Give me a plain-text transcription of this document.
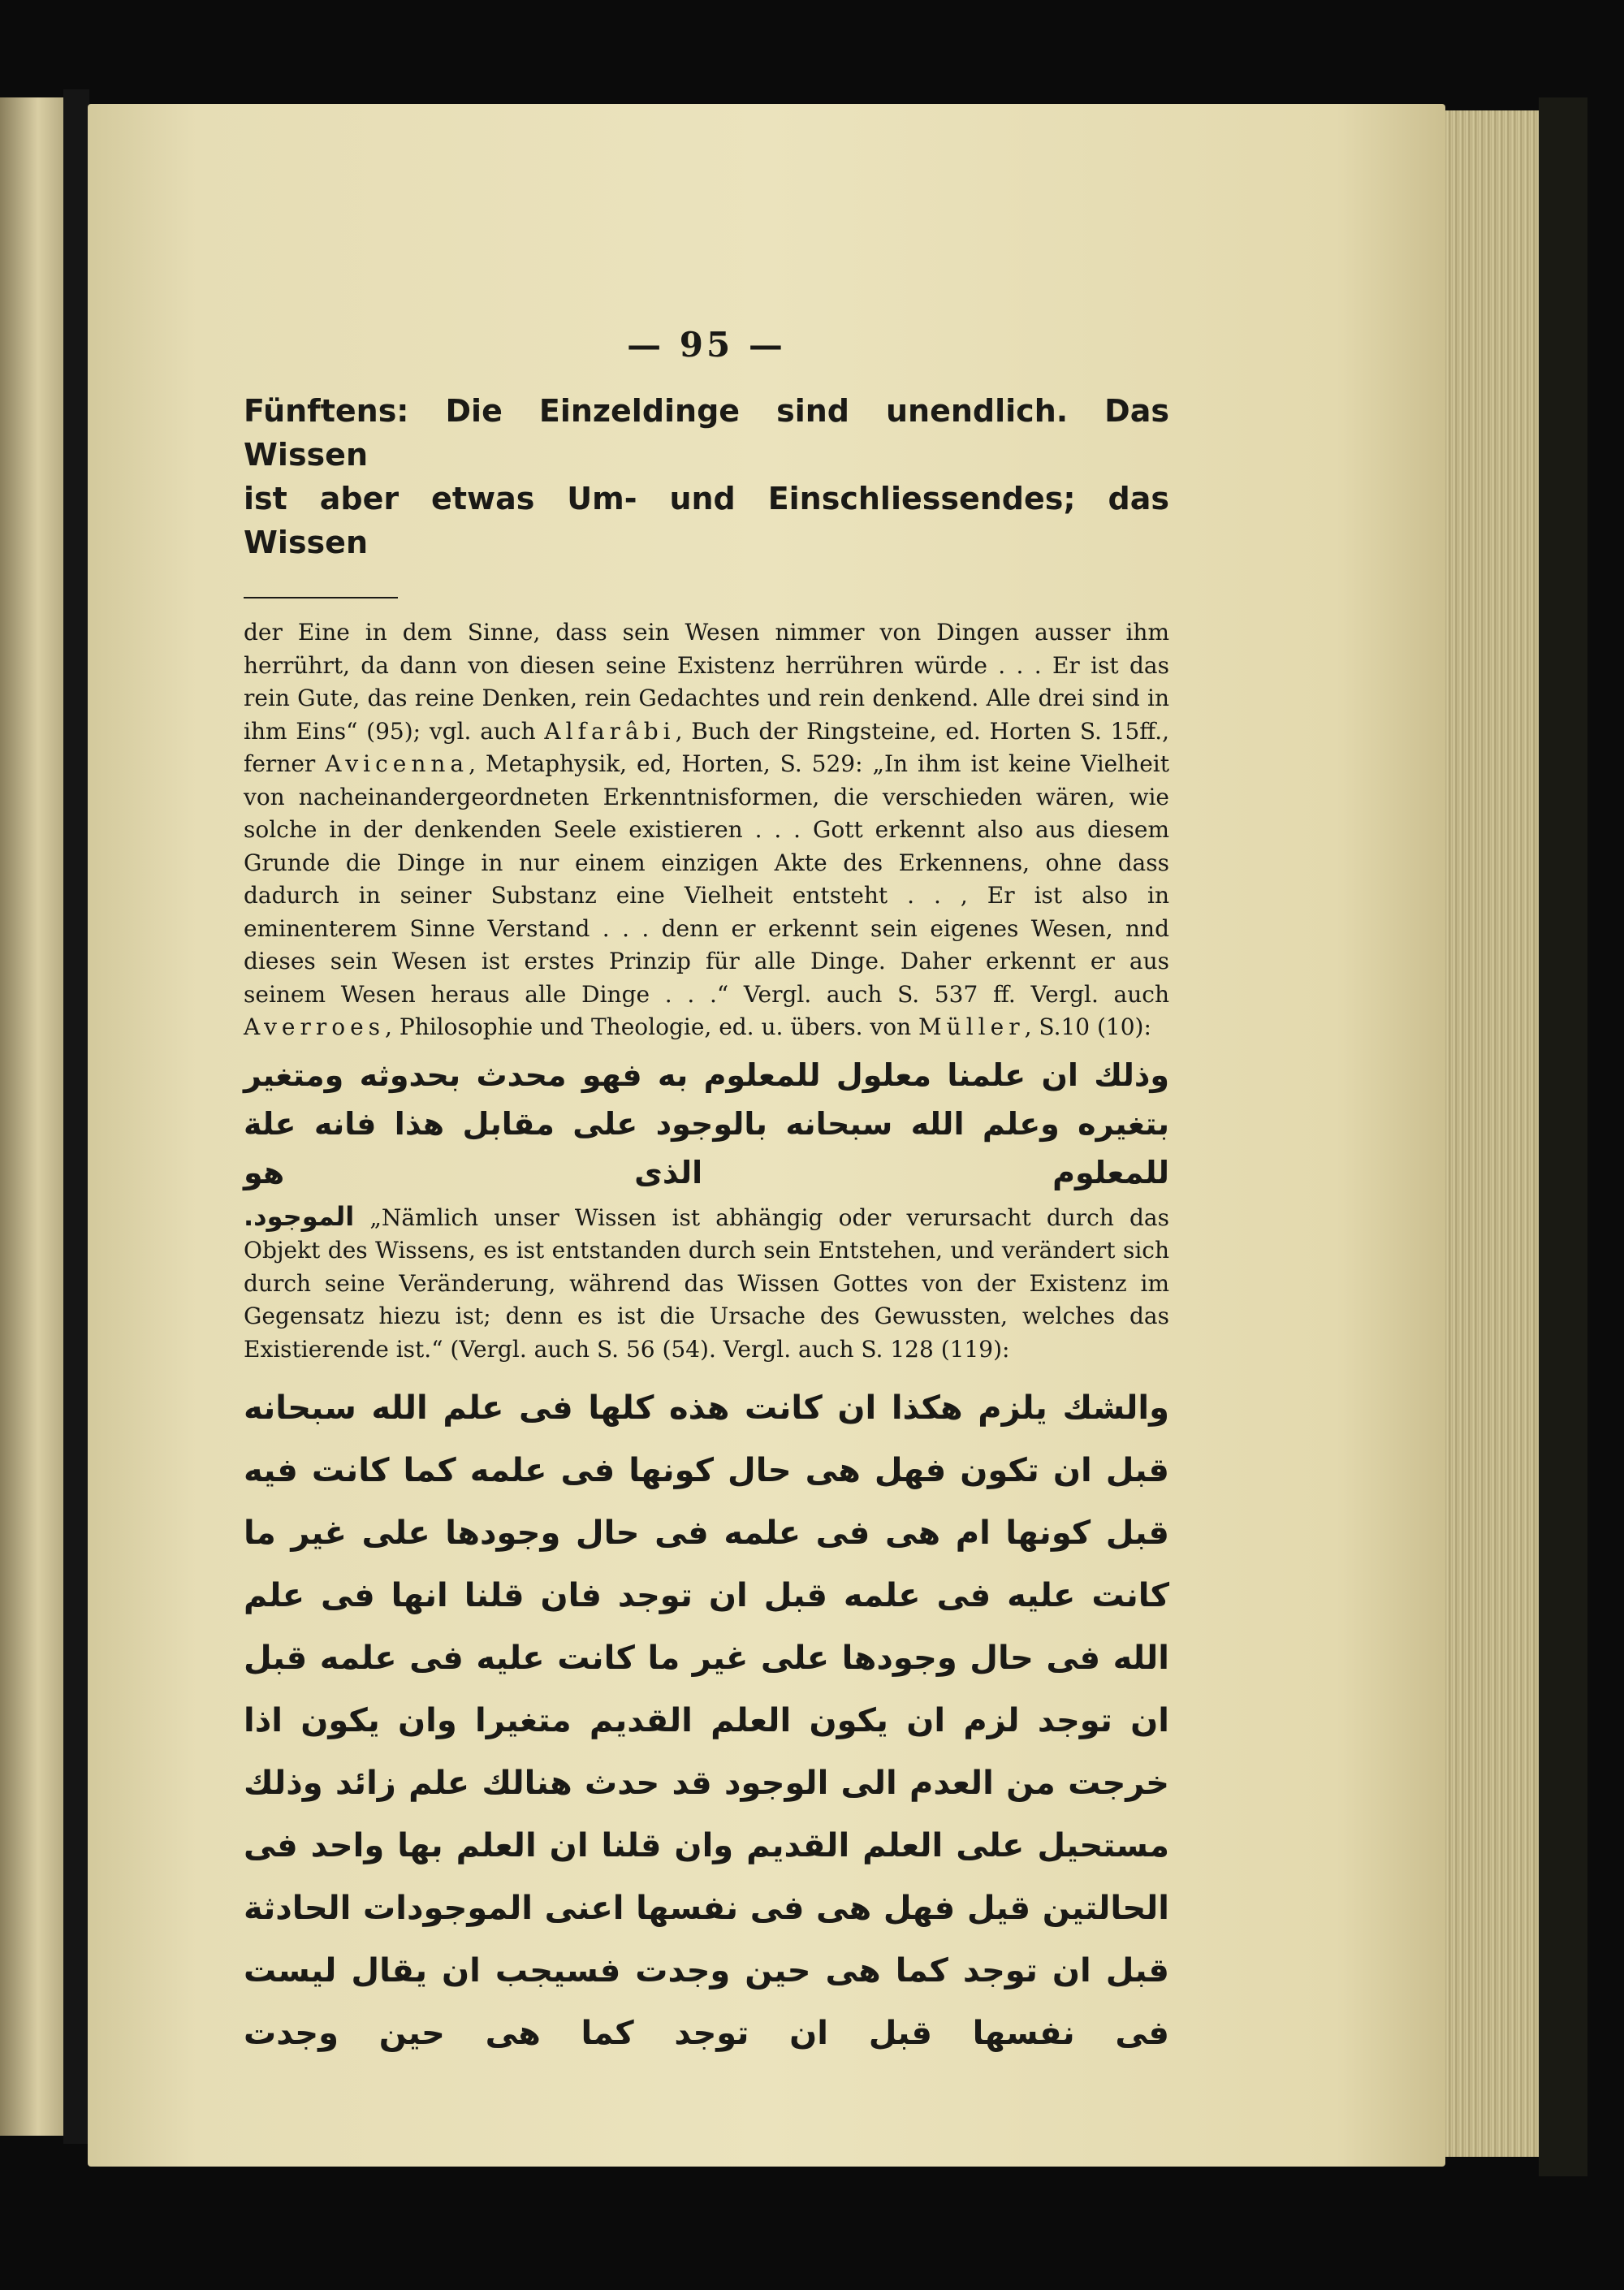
— 95 —

Fünftens: Die Einzeldinge sind unendlich. Das Wissen

ist aber etwas Um- und Einschliessendes; das Wissen

der Eine in dem Sinne, dass sein Wesen nimmer von Dingen ausser ihm herrührt, da dann von diesen seine Existenz herrühren würde . . . Er ist das rein Gute, das reine Denken, rein Gedachtes und rein denkend. Alle drei sind in ihm Eins“ (95); vgl. auch Alfarâbi, Buch der Ringsteine, ed. Horten S. 15ff., ferner Avicenna, Metaphysik, ed, Horten, S. 529: „In ihm ist keine Vielheit von nacheinandergeordneten Erkenntnisformen, die verschieden wären, wie solche in der denkenden Seele existieren . . . Gott erkennt also aus diesem Grunde die Dinge in nur einem einzigen Akte des Erkennens, ohne dass dadurch in seiner Substanz eine Vielheit entsteht . . , Er ist also in eminenterem Sinne Verstand . . . denn er erkennt sein eigenes Wesen, nnd dieses sein Wesen ist erstes Prinzip für alle Dinge. Daher erkennt er aus seinem Wesen heraus alle Dinge . . .“ Vergl. auch S. 537 ff. Vergl. auch Averroes, Philosophie und Theologie, ed. u. übers. von Müller, S.10 (10):

وذلك ان علمنا معلول للمعلوم به فهو محدث بحدوثه ومتغير بتغيره وعلم الله سبحانه بالوجود على مقابل هذا فانه علة للمعلوم الذى هو

الموجود. „Nämlich unser Wissen ist abhängig oder verursacht durch das Objekt des Wissens, es ist entstanden durch sein Entstehen, und verändert sich durch seine Veränderung, während das Wissen Gottes von der Existenz im Gegensatz hiezu ist; denn es ist die Ursache des Gewussten, welches das Existierende ist.“ (Vergl. auch S. 56 (54). Vergl. auch S. 128 (119):

والشك يلزم هكذا ان كانت هذه كلها فى علم الله سبحانه قبل ان تكون فهل هى حال كونها فى علمه كما كانت فيه قبل كونها ام هى فى علمه فى حال وجودها على غير ما كانت عليه فى علمه قبل ان توجد فان قلنا انها فى علم الله فى حال وجودها على غير ما كانت عليه فى علمه قبل ان توجد لزم ان يكون العلم القديم متغيرا وان يكون اذا خرجت من العدم الى الوجود قد حدث هنالك علم زائد وذلك مستحيل على العلم القديم وان قلنا ان العلم بها واحد فى الحالتين قيل فهل هى فى نفسها اعنى الموجودات الحادثة قبل ان توجد كما هى حين وجدت فسيجب ان يقال ليست فى نفسها قبل ان توجد كما هى حين وجدت
